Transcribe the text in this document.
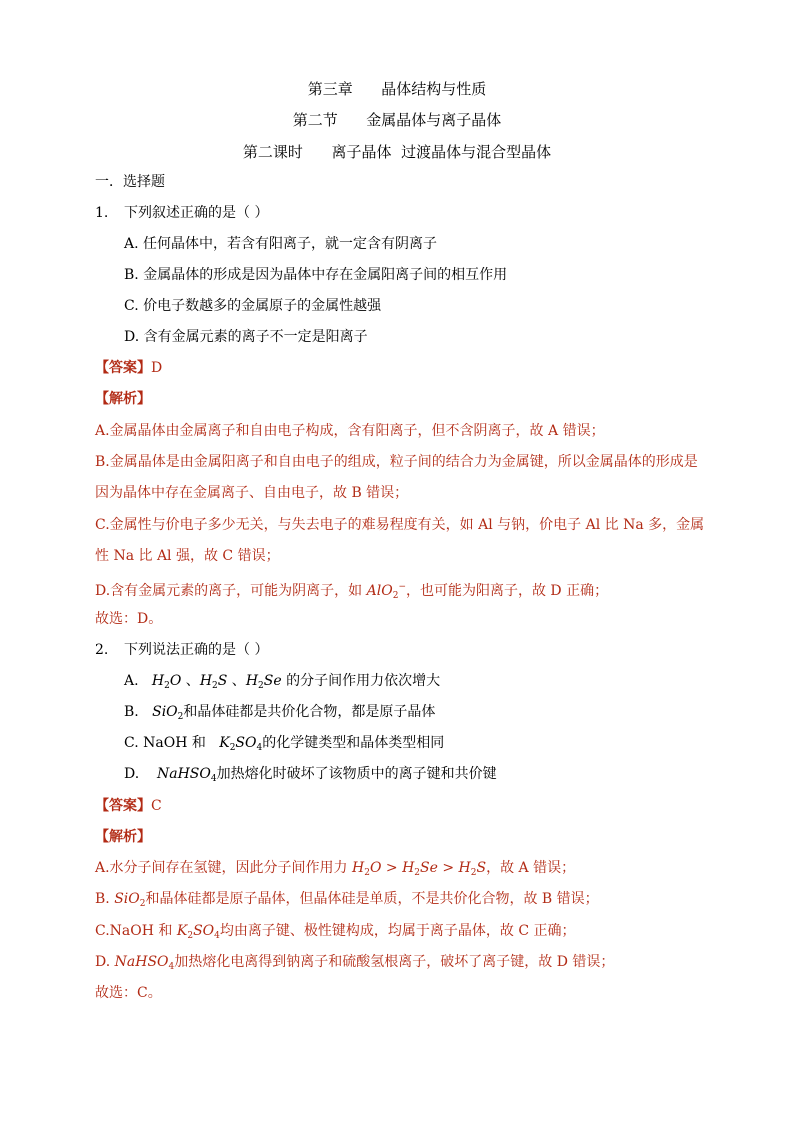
第三章      晶体结构与性质
第二节      金属晶体与离子晶体
第二课时      离子晶体  过渡晶体与混合型晶体
一．选择题
1. 下列叙述正确的是（ ）
A. 任何晶体中，若含有阳离子，就一定含有阴离子
B. 金属晶体的形成是因为晶体中存在金属阳离子间的相互作用
C. 价电子数越多的金属原子的金属性越强
D. 含有金属元素的离子不一定是阳离子
【答案】D
【解析】
A.金属晶体由金属离子和自由电子构成，含有阳离子，但不含阴离子，故 A 错误；
B.金属晶体是由金属阳离子和自由电子的组成，粒子间的结合力为金属键，所以金属晶体的形成是
因为晶体中存在金属离子、自由电子，故 B 错误；
C.金属性与价电子多少无关，与失去电子的难易程度有关，如 Al 与钠，价电子 Al 比 Na 多，金属
性 Na 比 Al 强，故 C 错误；
D.含有金属元素的离子，可能为阴离子，如 AlO$_2$−，也可能为阳离子，故 D 正确；
故选：D。
2. 下列说法正确的是（ ）
A. $H_2O$ 、$H_2S$ 、$H_2Se$ 的分子间作用力依次增大
B. SiO$_2$和晶体硅都是共价化合物，都是原子晶体
C. NaOH 和 $K_2SO_4$的化学键类型和晶体类型相同
D. NaHSO$_4$加热熔化时破坏了该物质中的离子键和共价键
【答案】C
【解析】
A.水分子间存在氢键，因此分子间作用力 $H_2O > H_2Se > H_2S$，故 A 错误；
B. SiO$_2$和晶体硅都是原子晶体，但晶体硅是单质，不是共价化合物，故 B 错误；
C.NaOH 和 $K_2SO_4$均由离子键、极性键构成，均属于离子晶体，故 C 正确；
D. NaHSO$_4$加热熔化电离得到钠离子和硫酸氢根离子，破坏了离子键，故 D 错误；
故选：C。
